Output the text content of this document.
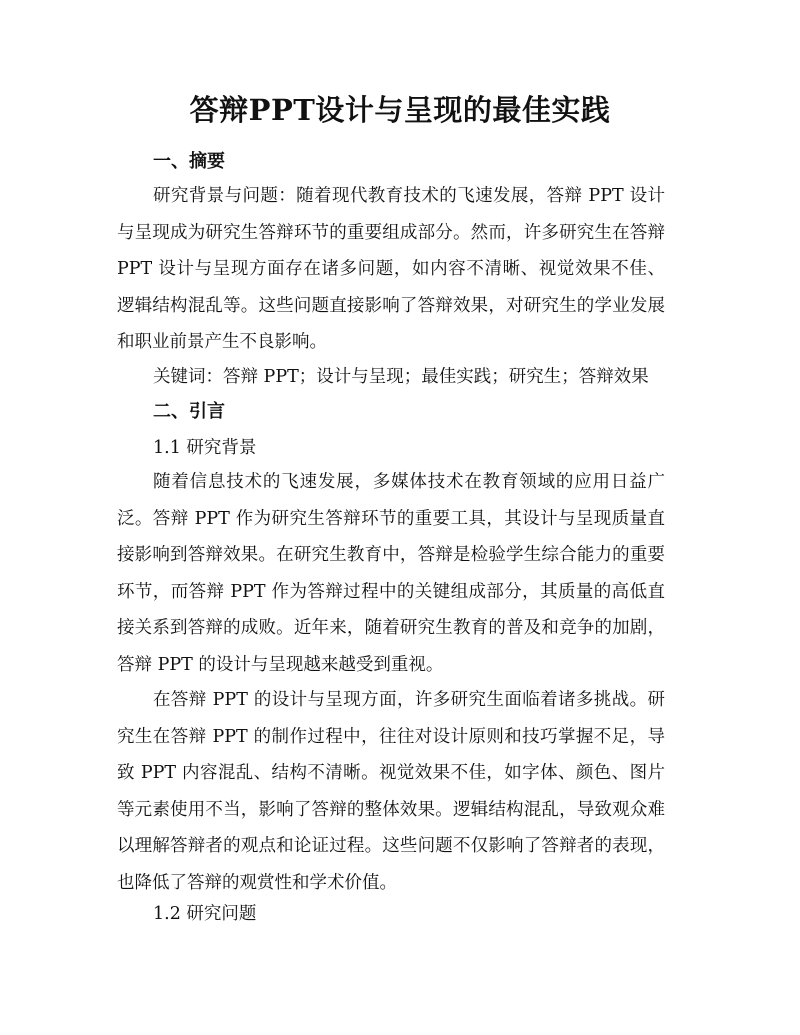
答辩PPT设计与呈现的最佳实践
一、摘要

研究背景与问题：随着现代教育技术的飞速发展，答辩 PPT 设计与呈现成为研究生答辩环节的重要组成部分。然而，许多研究生在答辩 PPT 设计与呈现方面存在诸多问题，如内容不清晰、视觉效果不佳、逻辑结构混乱等。这些问题直接影响了答辩效果，对研究生的学业发展和职业前景产生不良影响。

关键词：答辩 PPT；设计与呈现；最佳实践；研究生；答辩效果
二、引言
1.1 研究背景

随着信息技术的飞速发展，多媒体技术在教育领域的应用日益广泛。答辩 PPT 作为研究生答辩环节的重要工具，其设计与呈现质量直接影响到答辩效果。在研究生教育中，答辩是检验学生综合能力的重要环节，而答辩 PPT 作为答辩过程中的关键组成部分，其质量的高低直接关系到答辩的成败。近年来，随着研究生教育的普及和竞争的加剧，答辩 PPT 的设计与呈现越来越受到重视。

在答辩 PPT 的设计与呈现方面，许多研究生面临着诸多挑战。研究生在答辩 PPT 的制作过程中，往往对设计原则和技巧掌握不足，导致 PPT 内容混乱、结构不清晰。视觉效果不佳，如字体、颜色、图片等元素使用不当，影响了答辩的整体效果。逻辑结构混乱，导致观众难以理解答辩者的观点和论证过程。这些问题不仅影响了答辩者的表现，也降低了答辩的观赏性和学术价值。

1.2 研究问题
